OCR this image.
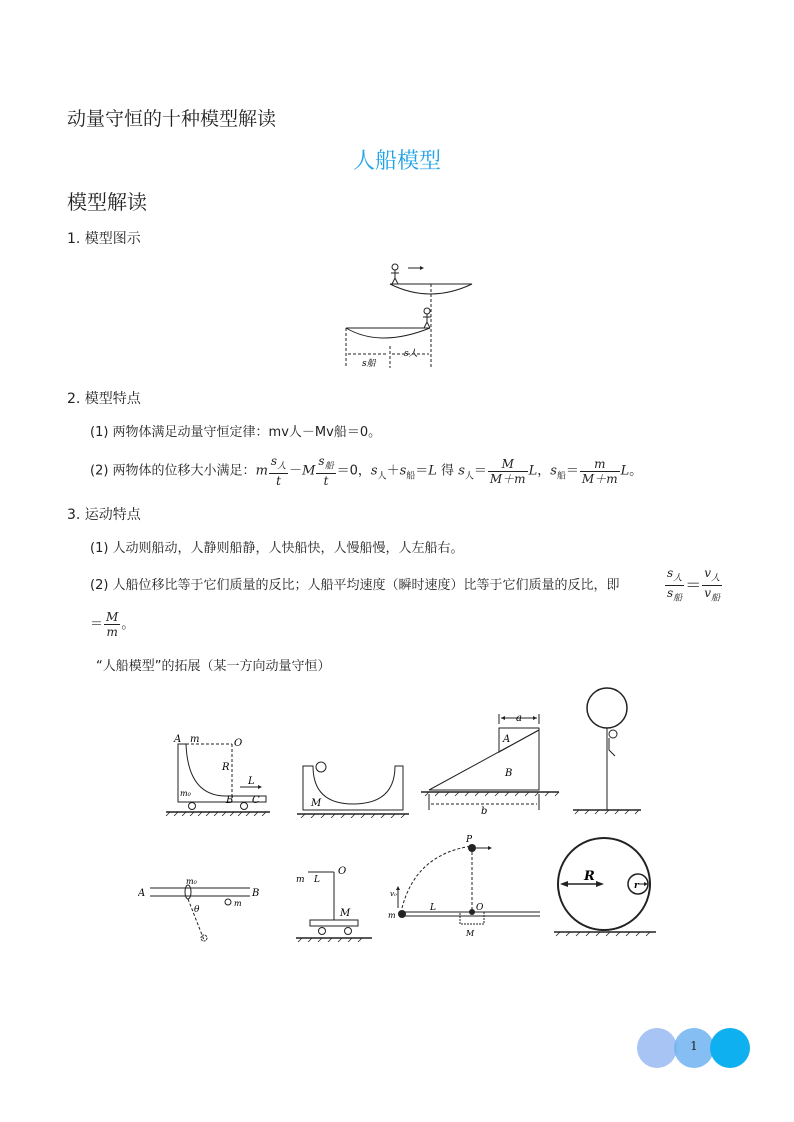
动量守恒的十种模型解读
人船模型
模型解读
1. 模型图示
s船
s人
2. 模型特点
(1) 两物体满足动量守恒定律：mv人－Mv船＝0。
(2) 两物体的位移大小满足：m $\frac{s_人}{t} -M \frac{s_船}{t} =0$，$s_人+s_船=L$ 得 $s_人= \frac{M}{M+m}$ L，$s_船= \frac{m}{M+m}$ L。
3. 运动特点
(1) 人动则船动，人静则船静，人快船快，人慢船慢，人左船右。
(2) 人船位移比等于它们质量的反比；人船平均速度（瞬时速度）比等于它们质量的反比，即	$\frac{s_人}{s_船} = \frac{v_人}{v_船}$
＝ $\frac{M}{m}$ 。
“人船模型”的拓展（某一方向动量守恒）
A m	O
R
L
m₀
B C	M
a
A
B
b
A
m₀
B
θ
m
m L
O
M
P
v₀
m
L	O
M
R
r
1
